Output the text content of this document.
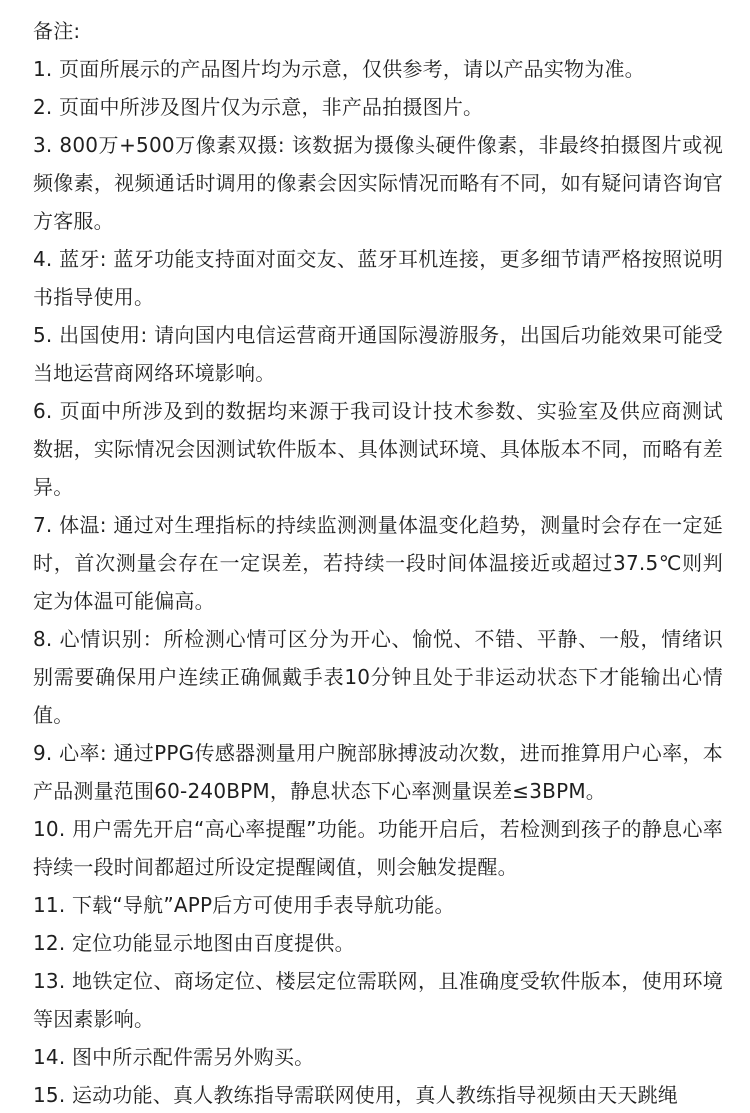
备注:
1. 页面所展示的产品图片均为示意，仅供参考，请以产品实物为准。
2. 页面中所涉及图片仅为示意，非产品拍摄图片。
3. 800万+500万像素双摄: 该数据为摄像头硬件像素，非最终拍摄图片或视频像素，视频通话时调用的像素会因实际情况而略有不同，如有疑问请咨询官方客服。
4. 蓝牙: 蓝牙功能支持面对面交友、蓝牙耳机连接，更多细节请严格按照说明书指导使用。
5. 出国使用: 请向国内电信运营商开通国际漫游服务，出国后功能效果可能受当地运营商网络环境影响。
6. 页面中所涉及到的数据均来源于我司设计技术参数、实验室及供应商测试数据，实际情况会因测试软件版本、具体测试环境、具体版本不同，而略有差异。
7. 体温: 通过对生理指标的持续监测测量体温变化趋势，测量时会存在一定延时，首次测量会存在一定误差，若持续一段时间体温接近或超过37.5℃则判定为体温可能偏高。
8. 心情识别：所检测心情可区分为开心、愉悦、不错、平静、一般，情绪识别需要确保用户连续正确佩戴手表10分钟且处于非运动状态下才能输出心情值。
9. 心率: 通过PPG传感器测量用户腕部脉搏波动次数，进而推算用户心率，本产品测量范围60-240BPM，静息状态下心率测量误差≤3BPM。
10. 用户需先开启“高心率提醒”功能。功能开启后，若检测到孩子的静息心率持续一段时间都超过所设定提醒阈值，则会触发提醒。
11. 下载“导航”APP后方可使用手表导航功能。
12. 定位功能显示地图由百度提供。
13. 地铁定位、商场定位、楼层定位需联网，且准确度受软件版本，使用环境等因素影响。
14. 图中所示配件需另外购买。
15. 运动功能、真人教练指导需联网使用，真人教练指导视频由天天跳绳
